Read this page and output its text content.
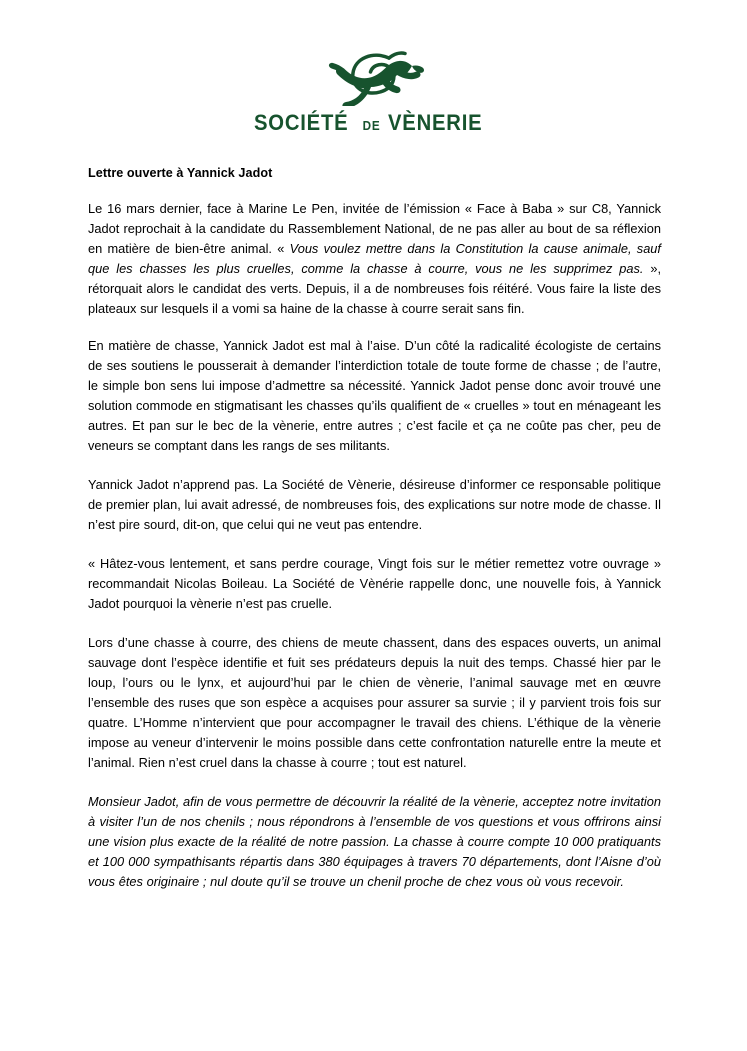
SOCIÉTÉ DE VÈNERIE
Lettre ouverte à Yannick Jadot

Le 16 mars dernier, face à Marine Le Pen, invitée de l’émission « Face à Baba » sur C8, Yannick Jadot reprochait à la candidate du Rassemblement National, de ne pas aller au bout de sa réflexion en matière de bien-être animal. « Vous voulez mettre dans la Constitution la cause animale, sauf que les chasses les plus cruelles, comme la chasse à courre, vous ne les supprimez pas. », rétorquait alors le candidat des verts. Depuis, il a de nombreuses fois réitéré. Vous faire la liste des plateaux sur lesquels il a vomi sa haine de la chasse à courre serait sans fin.

En matière de chasse, Yannick Jadot est mal à l’aise. D’un côté la radicalité écologiste de certains de ses soutiens le pousserait à demander l’interdiction totale de toute forme de chasse ; de l’autre, le simple bon sens lui impose d’admettre sa nécessité. Yannick Jadot pense donc avoir trouvé une solution commode en stigmatisant les chasses qu’ils qualifient de « cruelles » tout en ménageant les autres. Et pan sur le bec de la vènerie, entre autres ; c’est facile et ça ne coûte pas cher, peu de veneurs se comptant dans les rangs de ses militants.

Yannick Jadot n’apprend pas. La Société de Vènerie, désireuse d’informer ce responsable politique de premier plan, lui avait adressé, de nombreuses fois, des explications sur notre mode de chasse. Il n’est pire sourd, dit-on, que celui qui ne veut pas entendre.

« Hâtez-vous lentement, et sans perdre courage, Vingt fois sur le métier remettez votre ouvrage » recommandait Nicolas Boileau. La Société de Vènérie rappelle donc, une nouvelle fois, à Yannick Jadot pourquoi la vènerie n’est pas cruelle.

Lors d’une chasse à courre, des chiens de meute chassent, dans des espaces ouverts, un animal sauvage dont l’espèce identifie et fuit ses prédateurs depuis la nuit des temps. Chassé hier par le loup, l’ours ou le lynx, et aujourd’hui par le chien de vènerie, l’animal sauvage met en œuvre l’ensemble des ruses que son espèce a acquises pour assurer sa survie ; il y parvient trois fois sur quatre. L’Homme n’intervient que pour accompagner le travail des chiens. L’éthique de la vènerie impose au veneur d’intervenir le moins possible dans cette confrontation naturelle entre la meute et l’animal. Rien n’est cruel dans la chasse à courre ; tout est naturel.

Monsieur Jadot, afin de vous permettre de découvrir la réalité de la vènerie, acceptez notre invitation à visiter l’un de nos chenils ; nous répondrons à l’ensemble de vos questions et vous offrirons ainsi une vision plus exacte de la réalité de notre passion. La chasse à courre compte 10 000 pratiquants et 100 000 sympathisants répartis dans 380 équipages à travers 70 départements, dont l’Aisne d’où vous êtes originaire ; nul doute qu’il se trouve un chenil proche de chez vous où vous recevoir.
